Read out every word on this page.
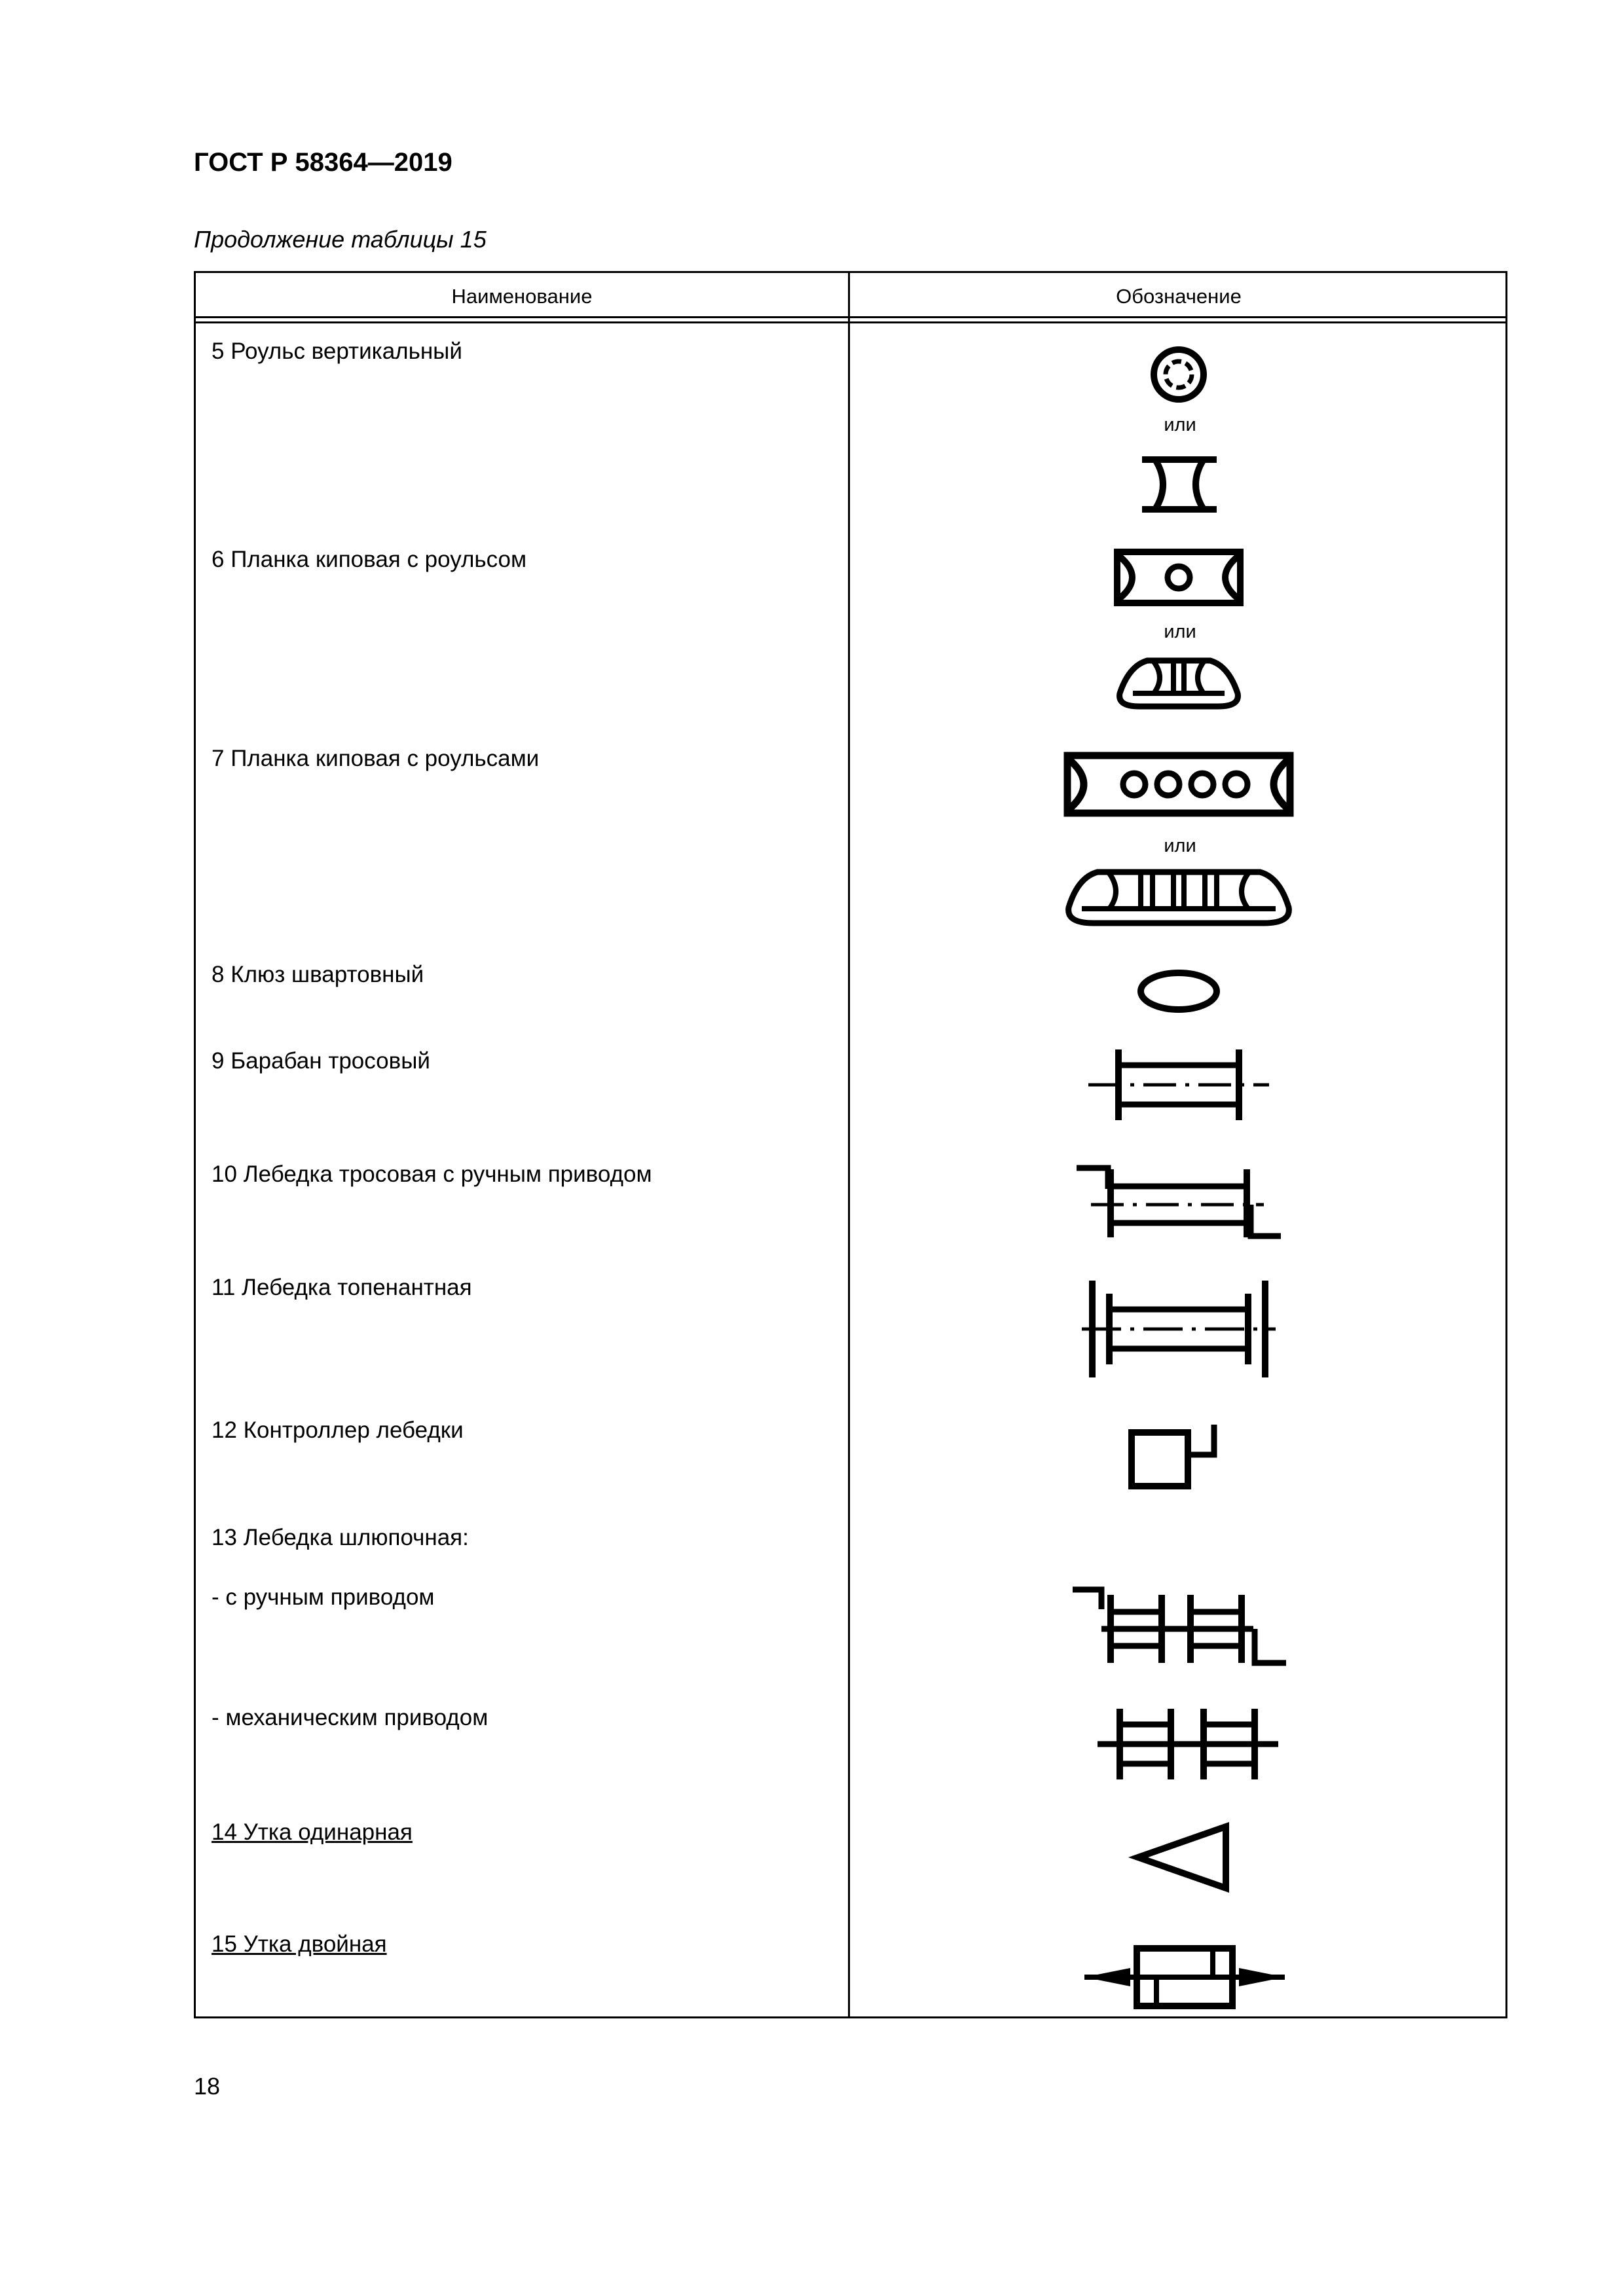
ГОСТ Р 58364—2019
Продолжение таблицы 15
Наименование	Обозначение
5 Роульс вертикальный
6 Планка киповая с роульсом
7 Планка киповая с роульсами
8 Клюз швартовный
9 Барабан тросовый
10 Лебедка тросовая с ручным приводом
11 Лебедка топенантная
12 Контроллер лебедки
13 Лебедка шлюпочная:
- с ручным приводом
- механическим приводом
14 Утка одинарная
15 Утка двойная
или
или
или
18
